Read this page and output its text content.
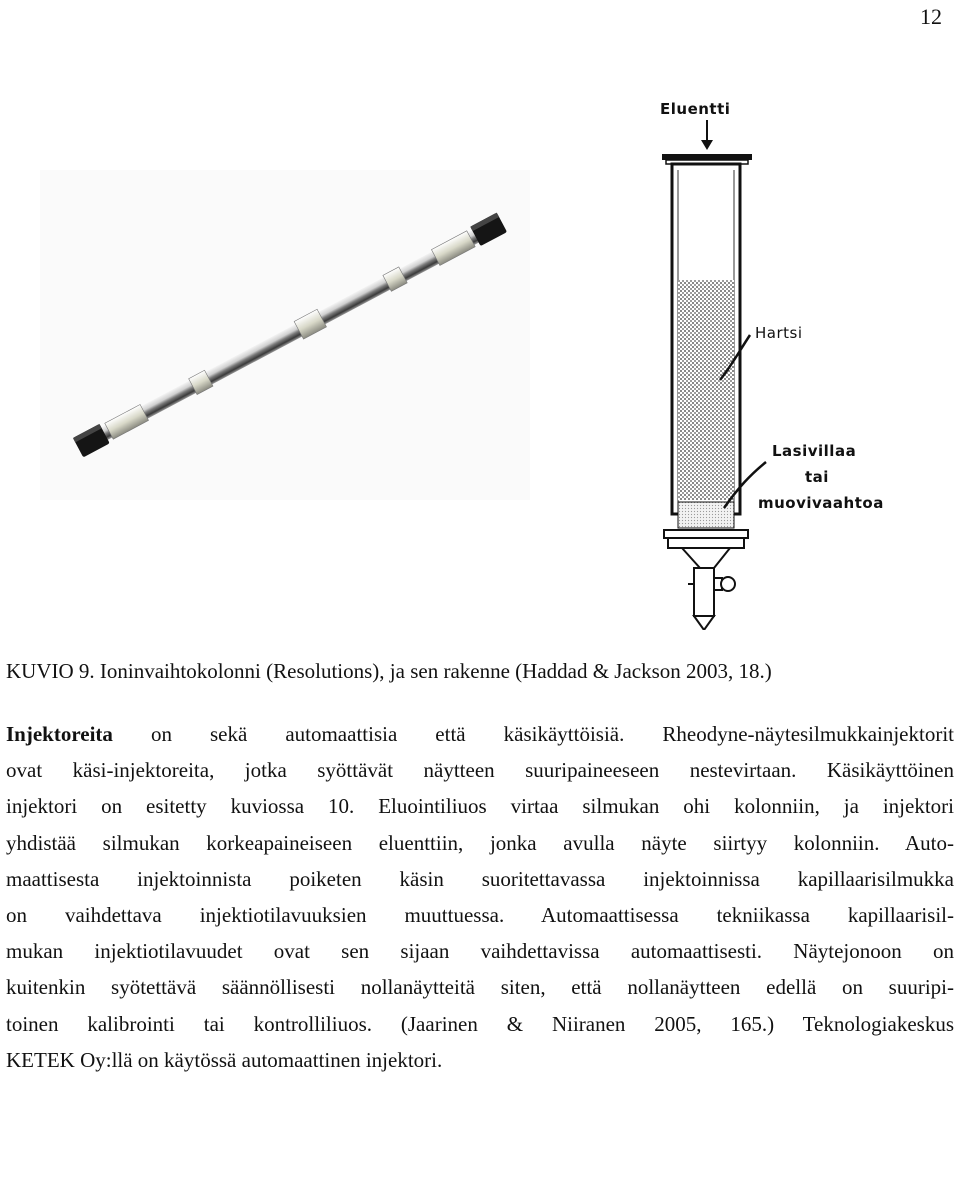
12
Eluentti
Hartsi
Lasivillaa
tai
muovivaahtoa
KUVIO 9. Ioninvaihtokolonni (Resolutions), ja sen rakenne (Haddad & Jackson 2003, 18.)
Injektoreita on sekä automaattisia että käsikäyttöisiä. Rheodyne-näytesilmukkainjektorit
ovat käsi-injektoreita, jotka syöttävät näytteen suuripaineeseen nestevirtaan. Käsikäyttöinen
injektori on esitetty kuviossa 10. Eluointiliuos virtaa silmukan ohi kolonniin, ja injektori
yhdistää silmukan korkeapaineiseen eluenttiin, jonka avulla näyte siirtyy kolonniin. Auto-
maattisesta injektoinnista poiketen käsin suoritettavassa injektoinnissa kapillaarisilmukka
on vaihdettava injektiotilavuuksien muuttuessa. Automaattisessa tekniikassa kapillaarisil-
mukan injektiotilavuudet ovat sen sijaan vaihdettavissa automaattisesti. Näytejonoon on
kuitenkin syötettävä säännöllisesti nollanäytteitä siten, että nollanäytteen edellä on suuripi-
toinen kalibrointi tai kontrolliliuos. (Jaarinen & Niiranen 2005, 165.) Teknologiakeskus
KETEK Oy:llä on käytössä automaattinen injektori.
